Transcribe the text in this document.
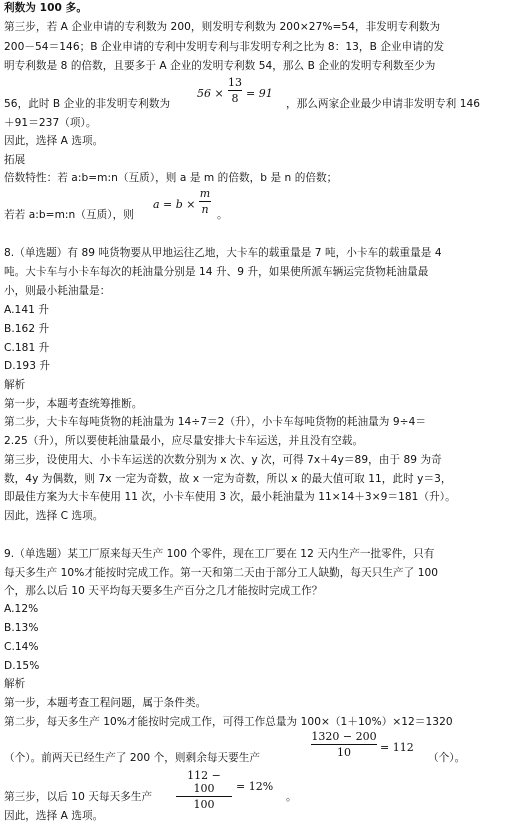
利数为 100 多。
第三步，若 A 企业申请的专利数为 200，则发明专利数为 200×27%=54，非发明专利数为
200－54＝146；B 企业申请的专利中发明专利与非发明专利之比为 8：13，B 企业申请的发
明专利数是 8 的倍数，且要多于 A 企业的发明专利数 54，那么 B 企业的发明专利数至少为
56，此时 B 企业的非发明专利数为
56 ×
13
8 = 91
，那么两家企业最少申请非发明专利 146
＋91＝237（项）。
因此，选择 A 选项。
拓展
倍数特性：若 a:b=m:n（互质），则 a 是 m 的倍数，b 是 n 的倍数；
若若 a:b=m:n（互质），则
a = b ×
m
n 。
8.（单选题）有 89 吨货物要从甲地运往乙地，大卡车的载重量是 7 吨，小卡车的载重量是 4
吨。大卡车与小卡车每次的耗油量分别是 14 升、9 升，如果使所派车辆运完货物耗油量最
小，则最小耗油量是：
A.141 升
B.162 升
C.181 升
D.193 升
解析
第一步，本题考查统筹推断。
第二步，大卡车每吨货物的耗油量为 14÷7＝2（升），小卡车每吨货物的耗油量为 9÷4＝
2.25（升），所以要使耗油量最小，应尽量安排大卡车运送，并且没有空载。
第三步，设使用大、小卡车运送的次数分别为 x 次、y 次，可得 7x＋4y＝89，由于 89 为奇
数，4y 为偶数，则 7x 一定为奇数，故 x 一定为奇数，所以 x 的最大值可取 11，此时 y＝3，
即最佳方案为大卡车使用 11 次，小卡车使用 3 次，最小耗油量为 11×14＋3×9＝181（升）。
因此，选择 C 选项。
9.（单选题）某工厂原来每天生产 100 个零件，现在工厂要在 12 天内生产一批零件，只有
每天多生产 10%才能按时完成工作。第一天和第二天由于部分工人缺勤，每天只生产了 100
个，那么以后 10 天平均每天要多生产百分之几才能按时完成工作？
A.12%
B.13%
C.14%
D.15%
解析
第一步，本题考查工程问题，属于条件类。
第二步，每天多生产 10%才能按时完成工作，可得工作总量为 100×（1＋10%）×12＝1320
（个）。前两天已经生产了 200 个，则剩余每天要生产
1320 − 200
10	= 112
（个）。
第三步，以后 10 天每天多生产
112 − 100
100
= 12%
。
因此，选择 A 选项。
